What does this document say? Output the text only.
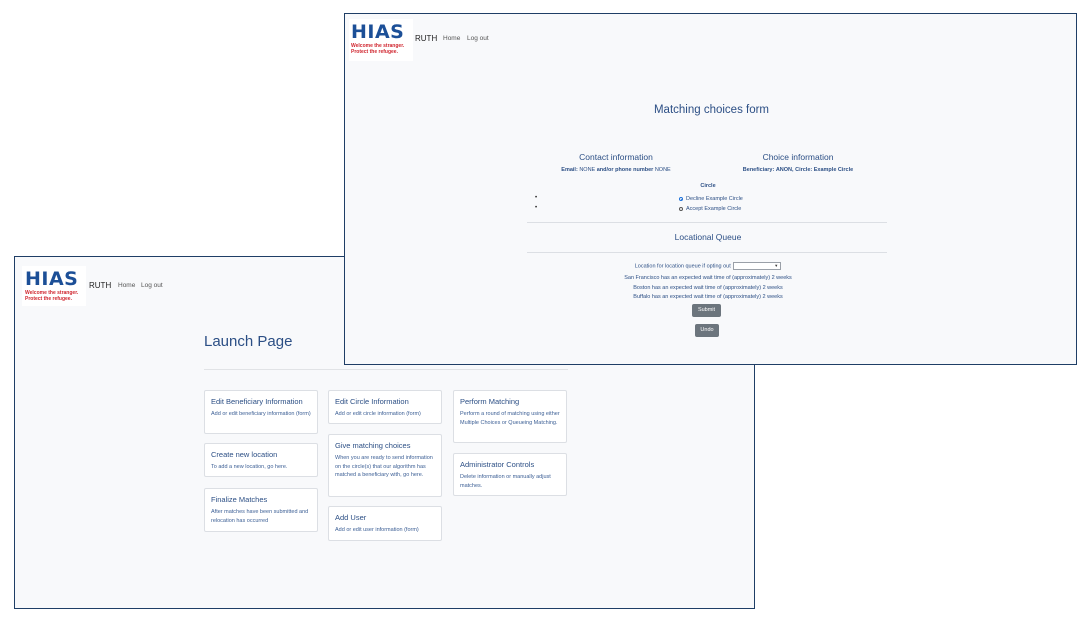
HIAS
Welcome the stranger.
Protect the refugee.
RUTH Home Log out
Launch Page
Edit Beneficiary Information
Add or edit beneficiary information (form)
Create new location
To add a new location, go here.
Finalize Matches
After matches have been submitted and relocation has occurred
Edit Circle Information
Add or edit circle information (form)
Give matching choices
When you are ready to send information on the circle(s) that our algorithm has matched a beneficiary with, go here.
Add User
Add or edit user information (form)
Perform Matching
Perform a round of matching using either Multiple Choices or Queueing Matching.
Administrator Controls
Delete information or manually adjust matches.
HIAS
Welcome the stranger.
Protect the refugee.
RUTH Home Log out
Matching choices form
Contact information
Email: NONE and/or phone number NONE
Choice information
Beneficiary: ANON, Circle: Example Circle
Circle
•	Decline Example Circle
•	Accept Example Circle
Locational Queue
Location for location queue if opting out	▼
San Francisco has an expected wait time of (approximately) 2 weeks
Boston has an expected wait time of (approximately) 2 weeks
Buffalo has an expected wait time of (approximately) 2 weeks
Submit
Undo
